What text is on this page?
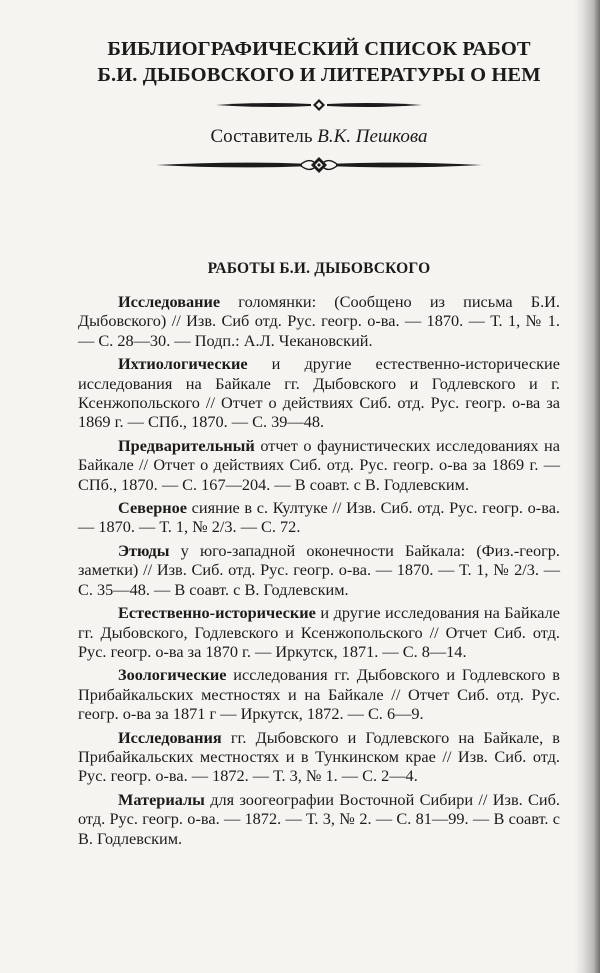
БИБЛИОГРАФИЧЕСКИЙ СПИСОК РАБОТ
Б.И. ДЫБОВСКОГО И ЛИТЕРАТУРЫ О НЕМ
Составитель В.К. Пешкова
РАБОТЫ Б.И. ДЫБОВСКОГО

Исследование голомянки: (Сообщено из письма Б.И. Дыбовского) // Изв. Сиб отд. Рус. геогр. о-ва. — 1870. — Т. 1, № 1. — С. 28—30. — Подп.: А.Л. Чекановский.

Ихтиологические и другие естественно-исторические исследования на Байкале гг. Дыбовского и Годлевского и г. Ксенжопольского // Отчет о действиях Сиб. отд. Рус. геогр. о-ва за 1869 г. — СПб., 1870. — С. 39—48.

Предварительный отчет о фаунистических исследованиях на Байкале // Отчет о действиях Сиб. отд. Рус. геогр. о-ва за 1869 г. — СПб., 1870. — С. 167—204. — В соавт. с В. Годлевским.

Северное сияние в с. Култуке // Изв. Сиб. отд. Рус. геогр. о-ва. — 1870. — Т. 1, № 2/3. — С. 72.

Этюды у юго-западной оконечности Байкала: (Физ.-геогр. заметки) // Изв. Сиб. отд. Рус. геогр. о-ва. — 1870. — Т. 1, № 2/3. — С. 35—48. — В соавт. с В. Годлевским.

Естественно-исторические и другие исследования на Байкале гг. Дыбовского, Годлевского и Ксенжопольского // Отчет Сиб. отд. Рус. геогр. о-ва за 1870 г. — Иркутск, 1871. — С. 8—14.

Зоологические исследования гг. Дыбовского и Годлевского в Прибайкальских местностях и на Байкале // Отчет Сиб. отд. Рус. геогр. о-ва за 1871 г — Иркутск, 1872. — С. 6—9.

Исследования гг. Дыбовского и Годлевского на Байкале, в Прибайкальских местностях и в Тункинском крае // Изв. Сиб. отд. Рус. геогр. о-ва. — 1872. — Т. 3, № 1. — С. 2—4.

Материалы для зоогеографии Восточной Сибири // Изв. Сиб. отд. Рус. геогр. о-ва. — 1872. — Т. 3, № 2. — С. 81—99. — В соавт. с В. Годлевским.
